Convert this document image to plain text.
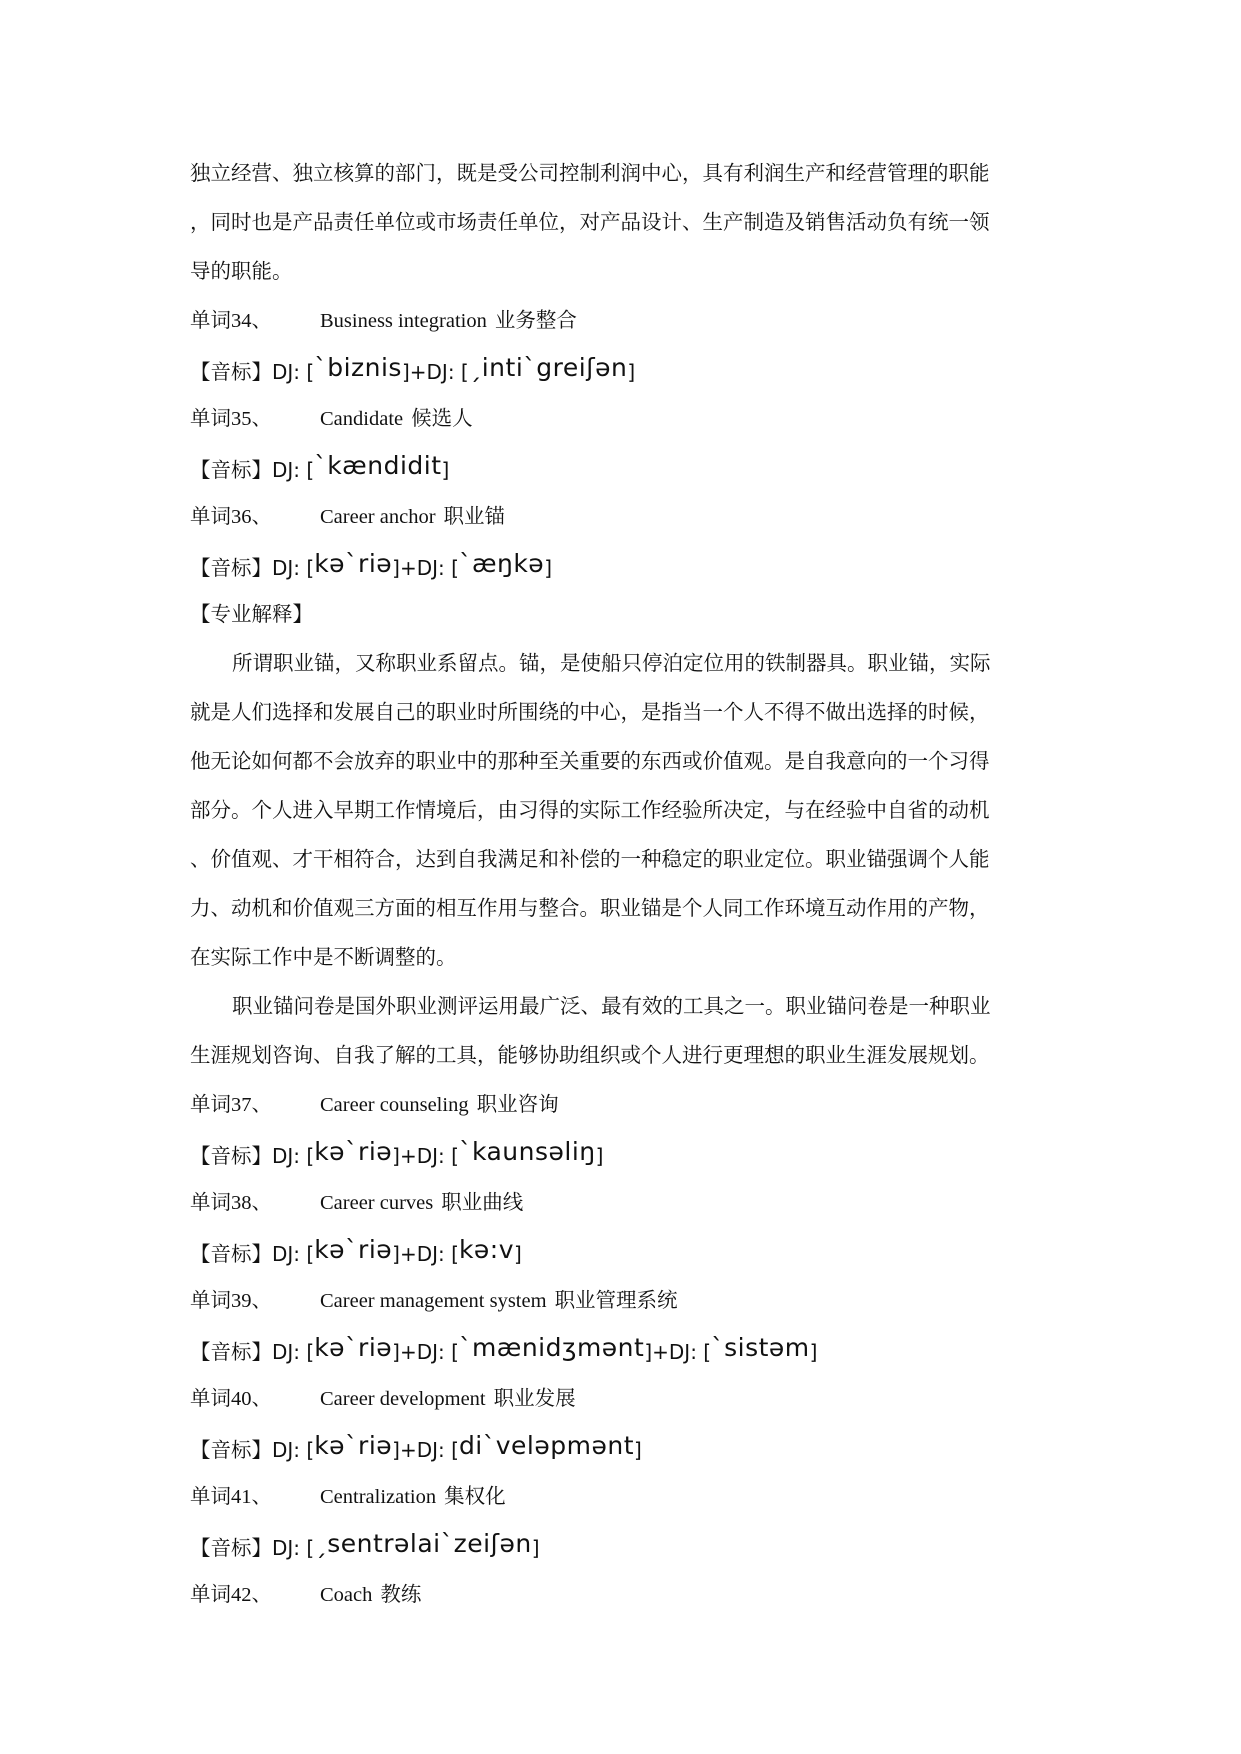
独立经营、独立核算的部门，既是受公司控制利润中心，具有利润生产和经营管理的职能
，同时也是产品责任单位或市场责任单位，对产品设计、生产制造及销售活动负有统一领
导的职能。
单词34、 Business integration 业务整合
【音标】DJ: [ˋbiznis]+DJ: [ˏintiˋgreiʃən]
单词35、 Candidate 候选人
【音标】DJ: [ˋkændidit]
单词36、 Career anchor 职业锚
【音标】DJ: [kəˋriə]+DJ: [ˋæŋkə]
【专业解释】
所谓职业锚，又称职业系留点。锚，是使船只停泊定位用的铁制器具。职业锚，实际
就是人们选择和发展自己的职业时所围绕的中心，是指当一个人不得不做出选择的时候，
他无论如何都不会放弃的职业中的那种至关重要的东西或价值观。是自我意向的一个习得
部分。个人进入早期工作情境后，由习得的实际工作经验所决定，与在经验中自省的动机
、价值观、才干相符合，达到自我满足和补偿的一种稳定的职业定位。职业锚强调个人能
力、动机和价值观三方面的相互作用与整合。职业锚是个人同工作环境互动作用的产物，
在实际工作中是不断调整的。
职业锚问卷是国外职业测评运用最广泛、最有效的工具之一。职业锚问卷是一种职业
生涯规划咨询、自我了解的工具，能够协助组织或个人进行更理想的职业生涯发展规划。
单词37、 Career counseling 职业咨询
【音标】DJ: [kəˋriə]+DJ: [ˋkaunsəliŋ]
单词38、 Career curves 职业曲线
【音标】DJ: [kəˋriə]+DJ: [kə:v]
单词39、 Career management system 职业管理系统
【音标】DJ: [kəˋriə]+DJ: [ˋmænidʒmənt]+DJ: [ˋsistəm]
单词40、 Career development 职业发展
【音标】DJ: [kəˋriə]+DJ: [diˋveləpmənt]
单词41、 Centralization 集权化
【音标】DJ: [ˏsentrəlaiˋzeiʃən]
单词42、 Coach 教练
